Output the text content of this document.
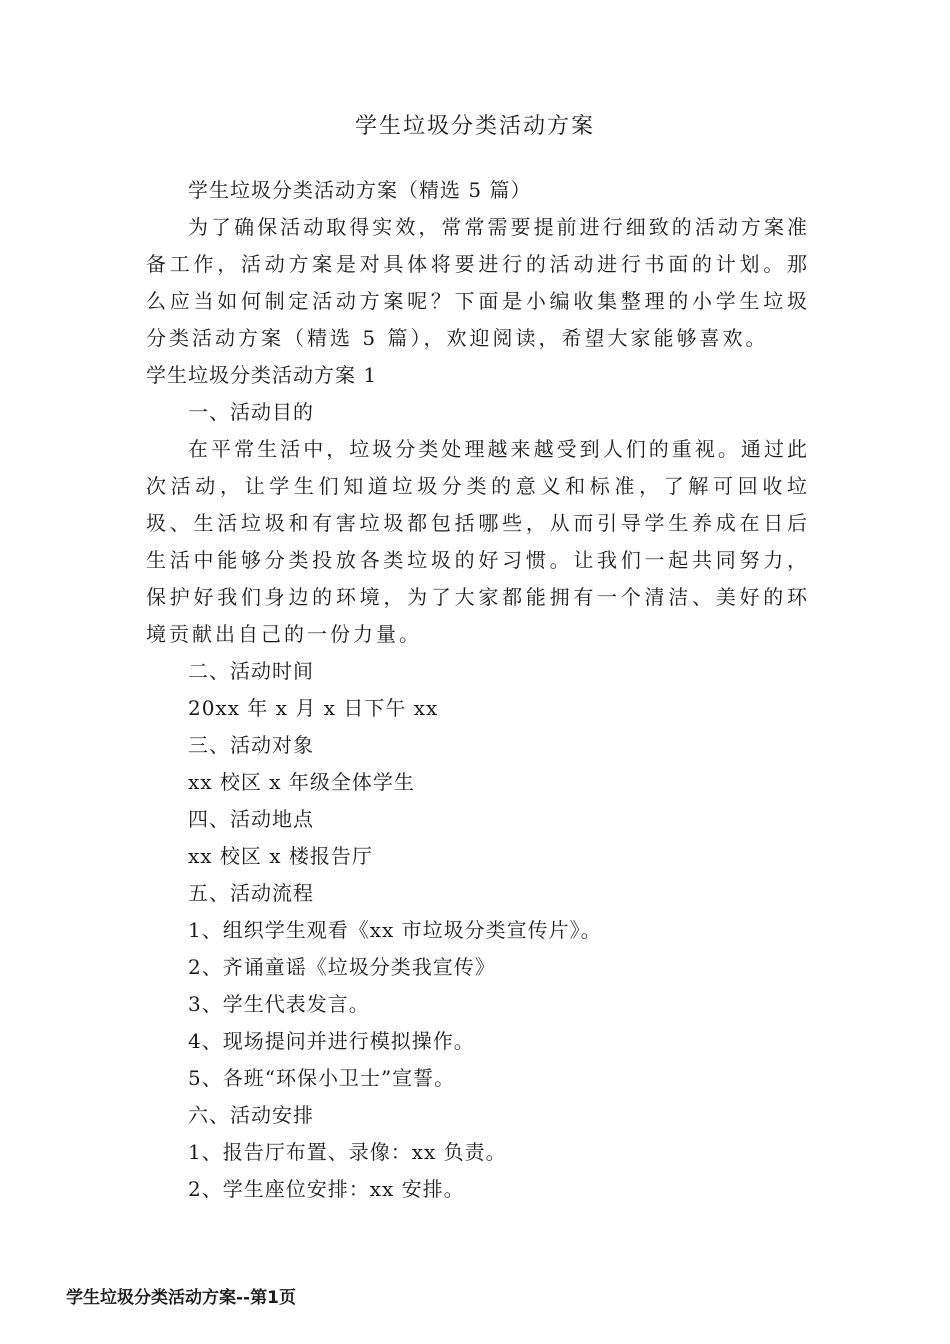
学生垃圾分类活动方案
学生垃圾分类活动方案（精选 5 篇）
为了确保活动取得实效，常常需要提前进行细致的活动方案准备工作，活动方案是对具体将要进行的活动进行书面的计划。那么应当如何制定活动方案呢？下面是小编收集整理的小学生垃圾分类活动方案（精选 5 篇），欢迎阅读，希望大家能够喜欢。
学生垃圾分类活动方案 1
一、活动目的
在平常生活中，垃圾分类处理越来越受到人们的重视。通过此次活动，让学生们知道垃圾分类的意义和标准，了解可回收垃圾、生活垃圾和有害垃圾都包括哪些，从而引导学生养成在日后生活中能够分类投放各类垃圾的好习惯。让我们一起共同努力，保护好我们身边的环境，为了大家都能拥有一个清洁、美好的环境贡献出自己的一份力量。
二、活动时间
20xx 年 x 月 x 日下午 xx
三、活动对象
xx 校区 x 年级全体学生
四、活动地点
xx 校区 x 楼报告厅
五、活动流程
1、组织学生观看《xx 市垃圾分类宣传片》。
2、齐诵童谣《垃圾分类我宣传》
3、学生代表发言。
4、现场提问并进行模拟操作。
5、各班“环保小卫士”宣誓。
六、活动安排
1、报告厅布置、录像：xx 负责。
2、学生座位安排：xx 安排。
学生垃圾分类活动方案--第1页
